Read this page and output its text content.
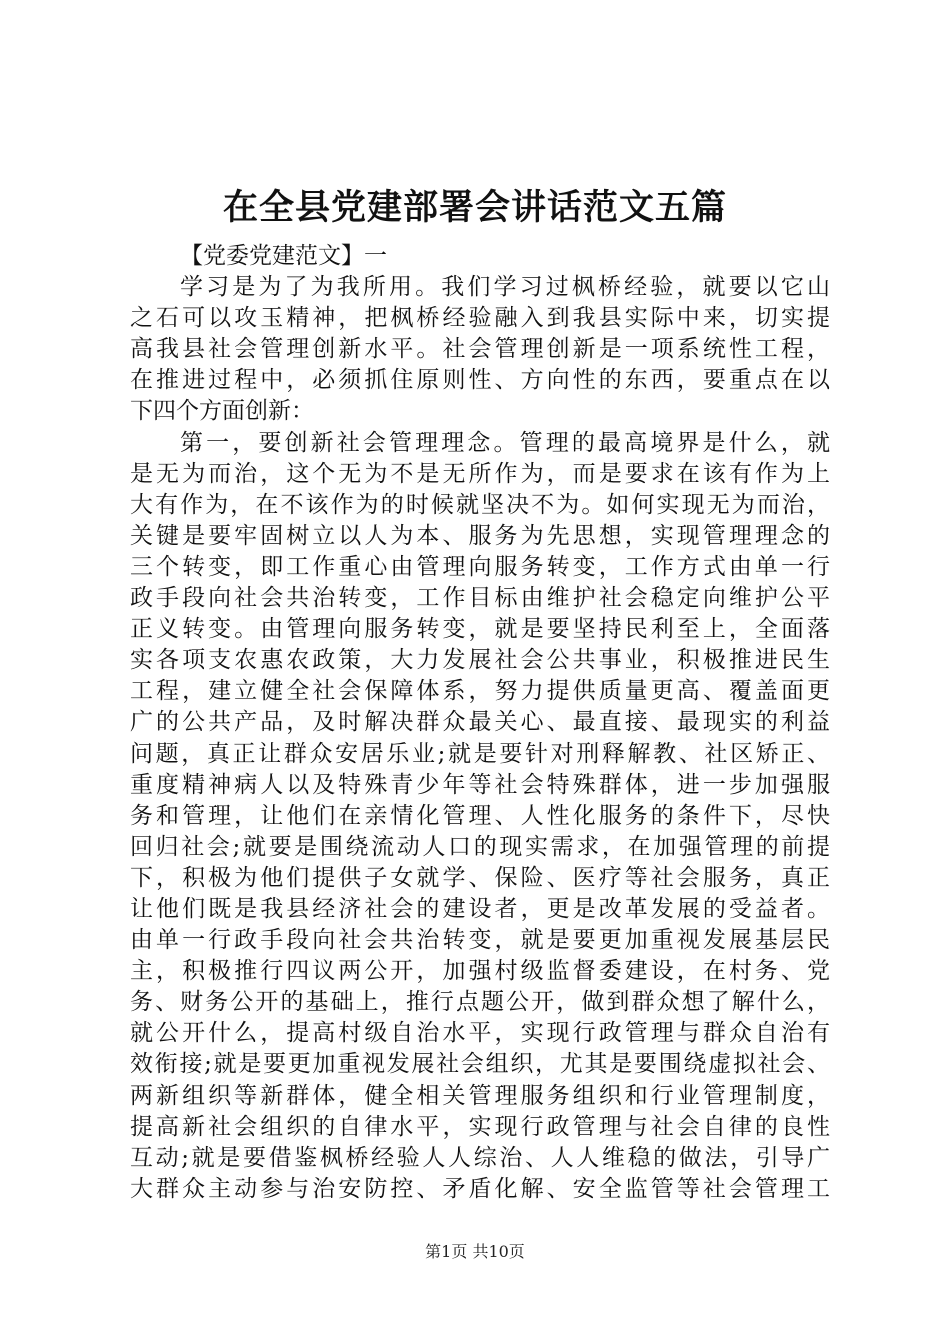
在全县党建部署会讲话范文五篇
【党委党建范文】一
学习是为了为我所用。我们学习过枫桥经验，就要以它山
之石可以攻玉精神，把枫桥经验融入到我县实际中来，切实提
高我县社会管理创新水平。社会管理创新是一项系统性工程，
在推进过程中，必须抓住原则性、方向性的东西，要重点在以
下四个方面创新：
第一，要创新社会管理理念。管理的最高境界是什么，就
是无为而治，这个无为不是无所作为，而是要求在该有作为上
大有作为，在不该作为的时候就坚决不为。如何实现无为而治，
关键是要牢固树立以人为本、服务为先思想，实现管理理念的
三个转变，即工作重心由管理向服务转变，工作方式由单一行
政手段向社会共治转变，工作目标由维护社会稳定向维护公平
正义转变。由管理向服务转变，就是要坚持民利至上，全面落
实各项支农惠农政策，大力发展社会公共事业，积极推进民生
工程，建立健全社会保障体系，努力提供质量更高、覆盖面更
广的公共产品，及时解决群众最关心、最直接、最现实的利益
问题，真正让群众安居乐业;就是要针对刑释解教、社区矫正、
重度精神病人以及特殊青少年等社会特殊群体，进一步加强服
务和管理，让他们在亲情化管理、人性化服务的条件下，尽快
回归社会;就要是围绕流动人口的现实需求，在加强管理的前提
下，积极为他们提供子女就学、保险、医疗等社会服务，真正
让他们既是我县经济社会的建设者，更是改革发展的受益者。
由单一行政手段向社会共治转变，就是要更加重视发展基层民
主，积极推行四议两公开，加强村级监督委建设，在村务、党
务、财务公开的基础上，推行点题公开，做到群众想了解什么，
就公开什么，提高村级自治水平，实现行政管理与群众自治有
效衔接;就是要更加重视发展社会组织，尤其是要围绕虚拟社会、
两新组织等新群体，健全相关管理服务组织和行业管理制度，
提高新社会组织的自律水平，实现行政管理与社会自律的良性
互动;就是要借鉴枫桥经验人人综治、人人维稳的做法，引导广
大群众主动参与治安防控、矛盾化解、安全监管等社会管理工
第1页 共10页
